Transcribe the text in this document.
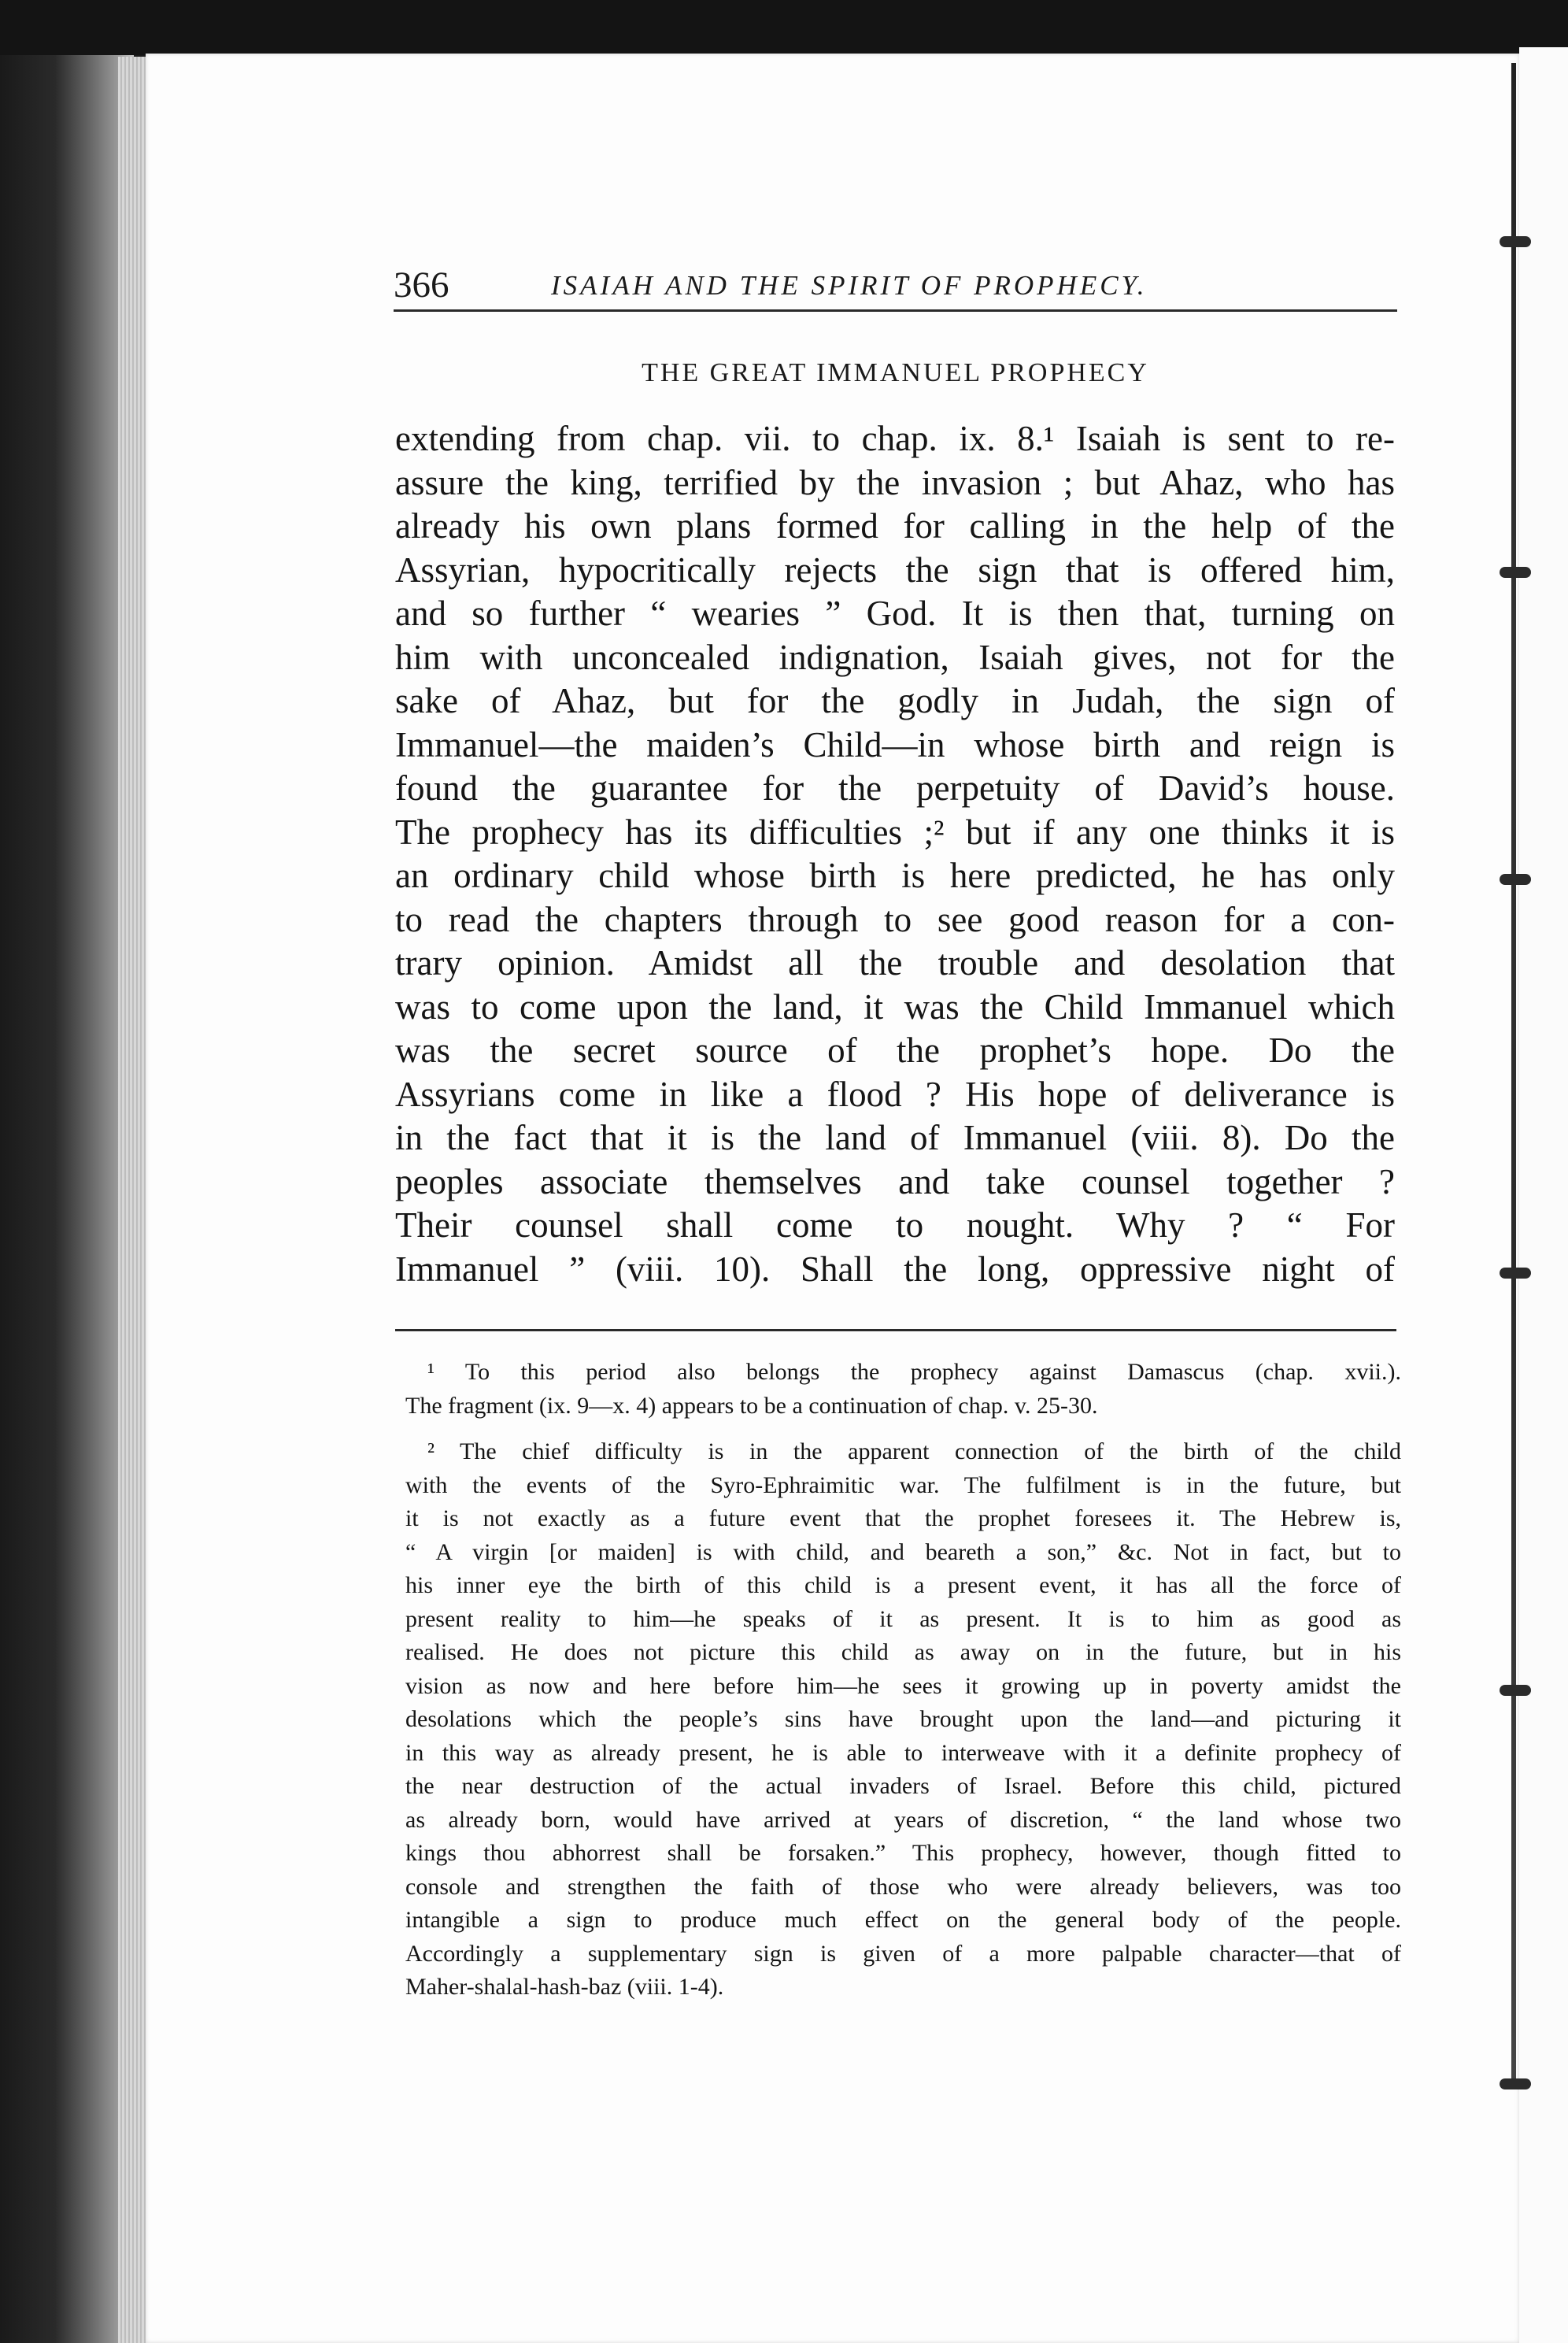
366	ISAIAH AND THE SPIRIT OF PROPHECY.
THE GREAT IMMANUEL PROPHECY
extending from chap. vii. to chap. ix. 8.¹ Isaiah is sent to re-
assure the king, terrified by the invasion ; but Ahaz, who has
already his own plans formed for calling in the help of the
Assyrian, hypocritically rejects the sign that is offered him,
and so further “ wearies ” God. It is then that, turning on
him with unconcealed indignation, Isaiah gives, not for the
sake of Ahaz, but for the godly in Judah, the sign of
Immanuel—the maiden’s Child—in whose birth and reign is
found the guarantee for the perpetuity of David’s house.
The prophecy has its difficulties ;² but if any one thinks it is
an ordinary child whose birth is here predicted, he has only
to read the chapters through to see good reason for a con-
trary opinion. Amidst all the trouble and desolation that
was to come upon the land, it was the Child Immanuel which
was the secret source of the prophet’s hope. Do the
Assyrians come in like a flood ? His hope of deliverance is
in the fact that it is the land of Immanuel (viii. 8). Do the
peoples associate themselves and take counsel together ?
Their counsel shall come to nought. Why ? “ For
Immanuel ” (viii. 10). Shall the long, oppressive night of
¹ To this period also belongs the prophecy against Damascus (chap. xvii.).
The fragment (ix. 9—x. 4) appears to be a continuation of chap. v. 25-30.
² The chief difficulty is in the apparent connection of the birth of the child
with the events of the Syro-Ephraimitic war. The fulfilment is in the future, but
it is not exactly as a future event that the prophet foresees it. The Hebrew is,
“ A virgin [or maiden] is with child, and beareth a son,” &c. Not in fact, but to
his inner eye the birth of this child is a present event, it has all the force of
present reality to him—he speaks of it as present. It is to him as good as
realised. He does not picture this child as away on in the future, but in his
vision as now and here before him—he sees it growing up in poverty amidst the
desolations which the people’s sins have brought upon the land—and picturing it
in this way as already present, he is able to interweave with it a definite prophecy of
the near destruction of the actual invaders of Israel. Before this child, pictured
as already born, would have arrived at years of discretion, “ the land whose two
kings thou abhorrest shall be forsaken.” This prophecy, however, though fitted to
console and strengthen the faith of those who were already believers, was too
intangible a sign to produce much effect on the general body of the people.
Accordingly a supplementary sign is given of a more palpable character—that of
Maher-shalal-hash-baz (viii. 1-4).
